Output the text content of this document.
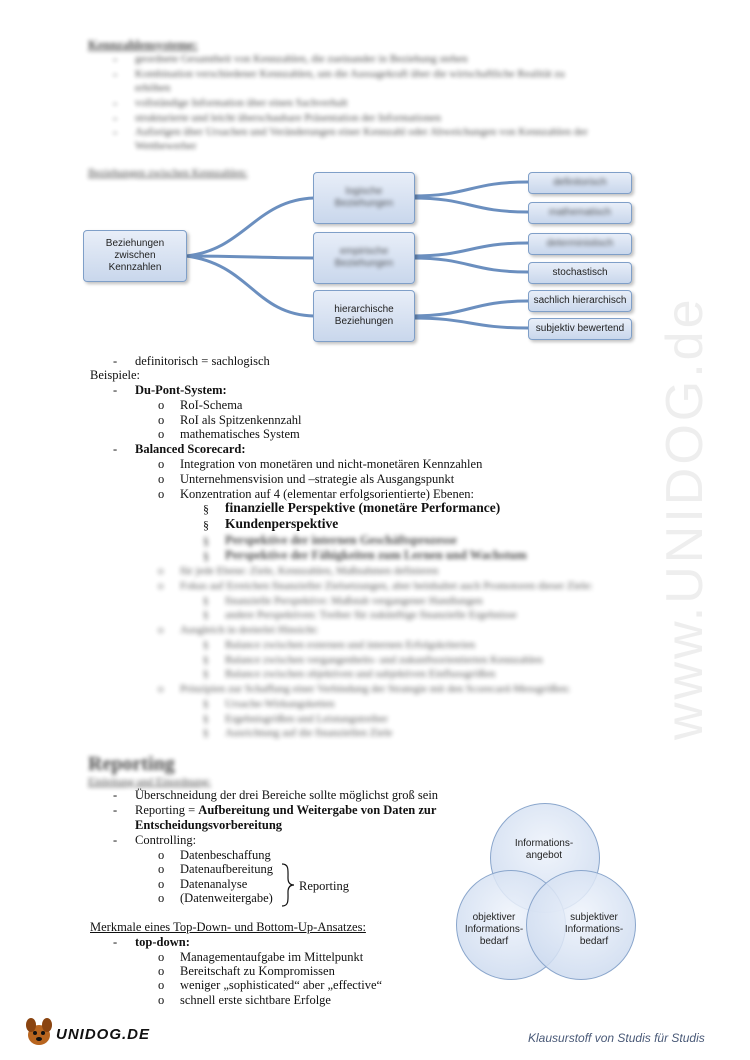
www.UNIDOG.de
Kennzahlensysteme:
- geordnete Gesamtheit von Kennzahlen, die zueinander in Beziehung stehen
- Kombination verschiedener Kennzahlen, um die Aussagekraft über die wirtschaftliche Realität zu
erhöhen
- vollständige Information über einen Sachverhalt
- strukturierte und leicht überschaubare Präsentation der Informationen
- Aufzeigen über Ursachen und Veränderungen einer Kennzahl oder Abweichungen von Kennzahlen der
Wettbewerber
Beziehungen zwischen Kennzahlen:
Beziehungen zwischen Kennzahlen
logische Beziehungen
empirische Beziehungen
hierarchische Beziehungen
definitorisch
mathematisch
deterministisch
stochastisch
sachlich hierarchisch
subjektiv bewertend
- definitorisch = sachlogisch
Beispiele:
- Du-Pont-System:
o RoI-Schema
o RoI als Spitzenkennzahl
o mathematisches System
- Balanced Scorecard:
o Integration von monetären und nicht-monetären Kennzahlen
o Unternehmensvision und –strategie als Ausgangspunkt
o Konzentration auf 4 (elementar erfolgsorientierte) Ebenen:
§ finanzielle Perspektive (monetäre Performance)
§ Kundenperspektive
§ Perspektive der internen Geschäftsprozesse
§ Perspektive der Fähigkeiten zum Lernen und Wachstum
o für jede Ebene: Ziele, Kennzahlen, Maßnahmen definieren
o Fokus auf Erreichen finanzieller Zielsetzungen, aber beinhaltet auch Promotoren dieser Ziele:
§ finanzielle Perspektive: Maßstab vergangener Handlungen
§ andere Perspektiven: Treiber für zukünftige finanzielle Ergebnisse
o Ausgleich in dreierlei Hinsicht:
§ Balance zwischen externen und internen Erfolgskriterien
§ Balance zwischen vergangenheits- und zukunftsorientierten Kennzahlen
§ Balance zwischen objektiven und subjektiven Einflussgrößen
o Prinzipien zur Schaffung einer Verbindung der Strategie mit den Scorecard-Messgrößen:
§ Ursache-Wirkungsketten
§ Ergebnisgrößen und Leistungstreiber
§ Ausrichtung auf die finanziellen Ziele
Reporting
Einleitung und Einordnung:
- Überschneidung der drei Bereiche sollte möglichst groß sein
- Reporting = Aufbereitung und Weitergabe von Daten zur
Entscheidungsvorbereitung
- Controlling:
o Datenbeschaffung
o Datenaufbereitung
o Datenanalyse
o (Datenweitergabe)
Reporting
Merkmale eines Top-Down- und Bottom-Up-Ansatzes:
- top-down:
o Managementaufgabe im Mittelpunkt
o Bereitschaft zu Kompromissen
o weniger „sophisticated“ aber „effective“
o schnell erste sichtbare Erfolge
Informations-angebot
objektiver Informations-bedarf
subjektiver Informations-bedarf
UNIDOG.DE	Klausurstoff von Studis für Studis
